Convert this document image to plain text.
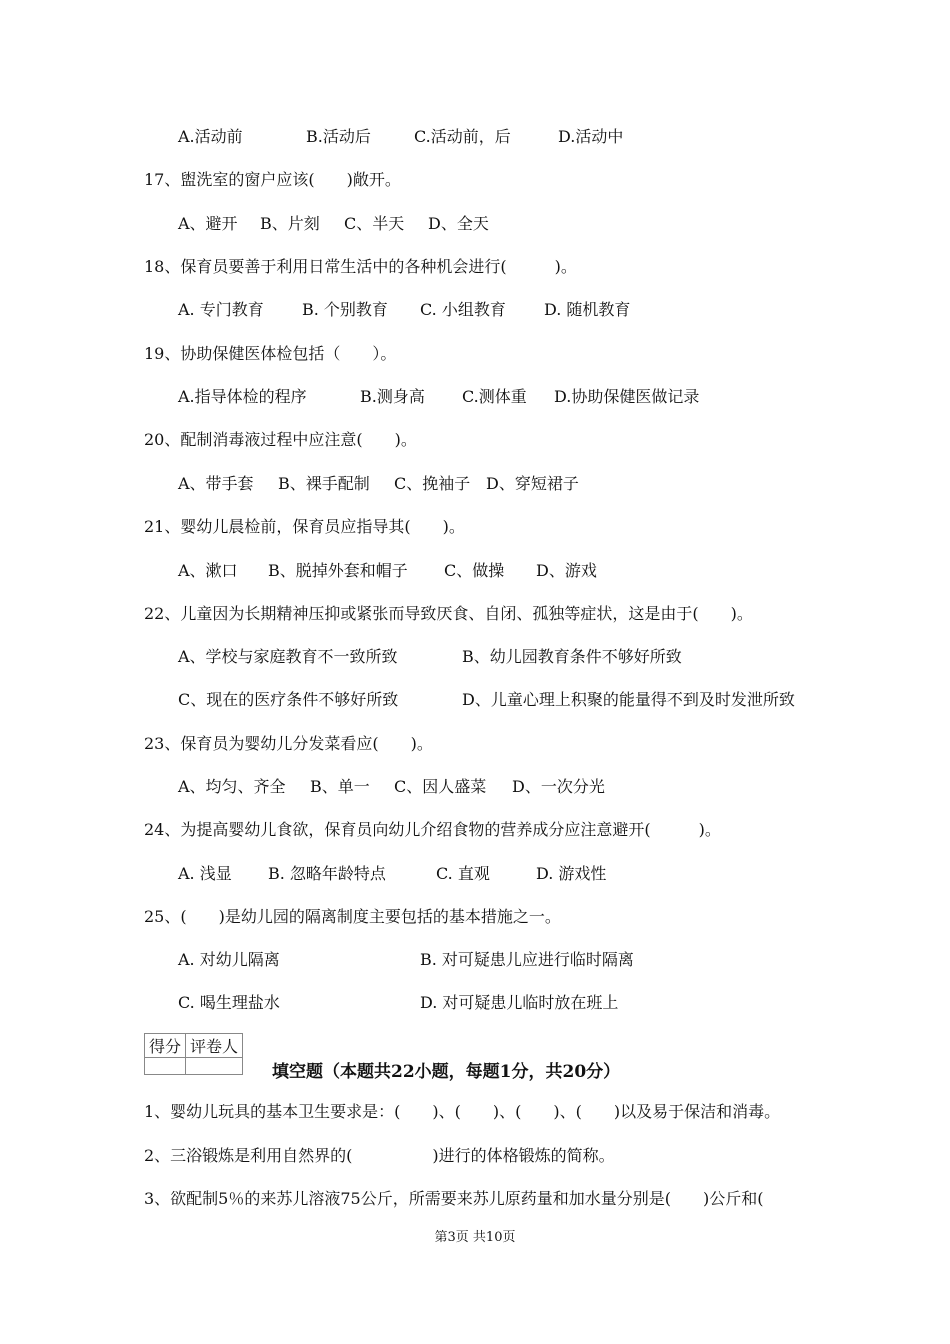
A.活动前	B.活动后	C.活动前，后	D.活动中
17、盥洗室的窗户应该(　　)敞开。
A、避开 B、片刻 C、半天 D、全天
18、保育员要善于利用日常生活中的各种机会进行(　　　)。
A. 专门教育 B. 个别教育 C. 小组教育 D. 随机教育
19、协助保健医体检包括（　　）。
A.指导体检的程序	B.测身高 C.测体重 D.协助保健医做记录
20、配制消毒液过程中应注意(　　)。
A、带手套 B、裸手配制 C、挽袖子 D、穿短裙子
21、婴幼儿晨检前，保育员应指导其(　　)。
A、漱口 B、脱掉外套和帽子 C、做操 D、游戏
22、儿童因为长期精神压抑或紧张而导致厌食、自闭、孤独等症状，这是由于(　　)。
A、学校与家庭教育不一致所致	B、幼儿园教育条件不够好所致
C、现在的医疗条件不够好所致	D、儿童心理上积聚的能量得不到及时发泄所致
23、保育员为婴幼儿分发菜看应(　　)。
A、均匀、齐全 B、单一 C、因人盛菜 D、一次分光
24、为提高婴幼儿食欲，保育员向幼儿介绍食物的营养成分应注意避开(　　　)。
A. 浅显 B. 忽略年龄特点	C. 直观	D. 游戏性
25、(　　)是幼儿园的隔离制度主要包括的基本措施之一。
A. 对幼儿隔离	B. 对可疑患儿应进行临时隔离
C. 喝生理盐水	D. 对可疑患儿临时放在班上
得分	评卷人

填空题（本题共22小题，每题1分，共20分）
1、婴幼儿玩具的基本卫生要求是：(　　)、(　　)、(　　)、(　　)以及易于保洁和消毒。
2、三浴锻炼是利用自然界的(　　　　　)进行的体格锻炼的简称。
3、欲配制5％的来苏儿溶液75公斤，所需要来苏儿原药量和加水量分别是(　　)公斤和(
第3页 共10页
